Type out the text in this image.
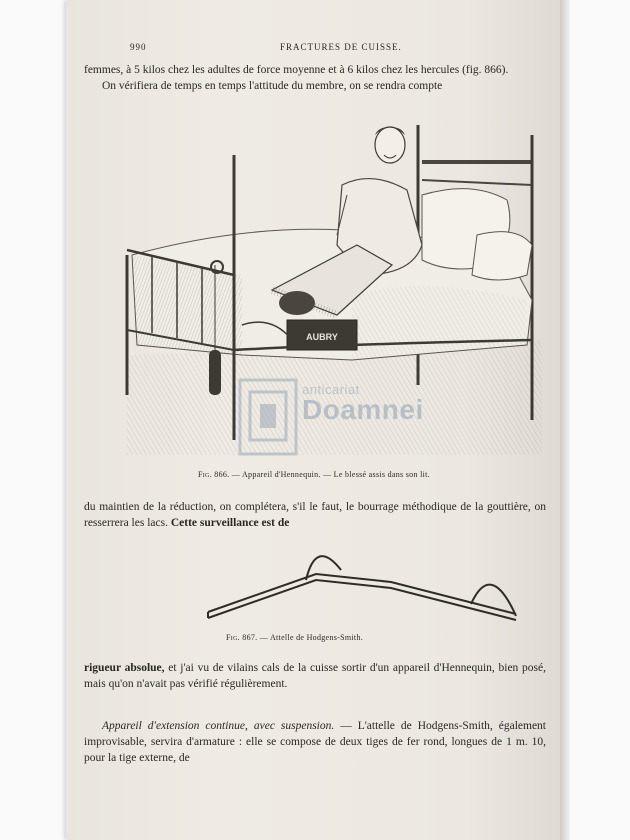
990	FRACTURES DE CUISSE.

femmes, à 5 kilos chez les adultes de force moyenne et à 6 kilos chez les hercules (fig. 866).

On vérifiera de temps en temps l'attitude du membre, on se rendra compte

AUBRY
anticariat
Doamnei
Fig. 866. — Appareil d'Hennequin. — Le blessé assis dans son lit.

du maintien de la réduction, on complétera, s'il le faut, le bourrage méthodique de la gouttière, on resserrera les lacs. Cette surveillance est de

Fig. 867. — Attelle de Hodgens-Smith.

rigueur absolue, et j'ai vu de vilains cals de la cuisse sortir d'un appareil d'Hennequin, bien posé, mais qu'on n'avait pas vérifié régulièrement.

Appareil d'extension continue, avec suspension. — L'attelle de Hodgens-Smith, également improvisable, servira d'armature : elle se compose de deux tiges de fer rond, longues de 1 m. 10, pour la tige externe, de
